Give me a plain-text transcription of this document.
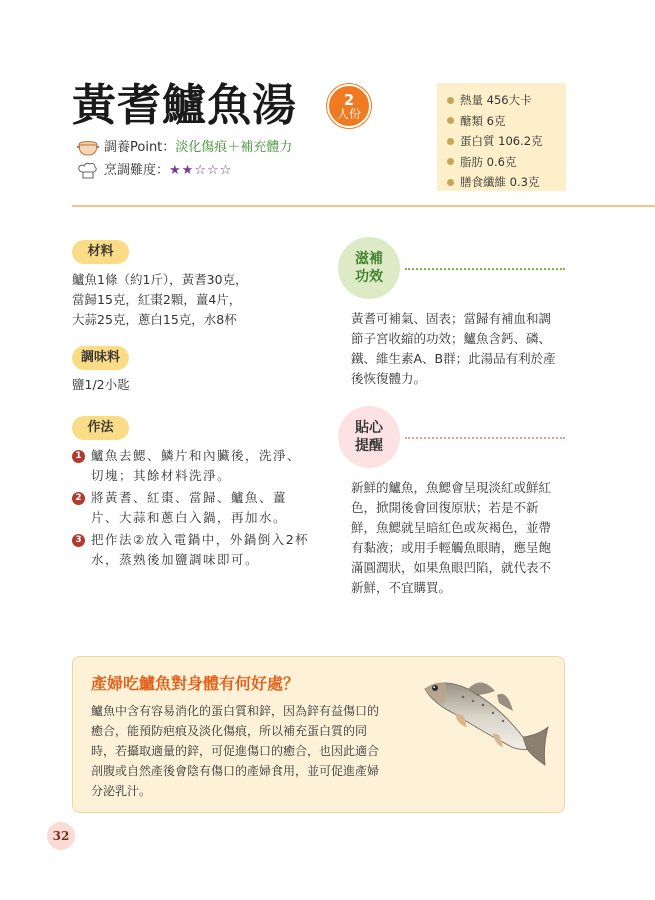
黃耆鱸魚湯	2
人份
調養Point： 淡化傷痕＋補充體力
烹調難度： ★★☆☆☆
熱量 456大卡
醣類 6克
蛋白質 106.2克
脂肪 0.6克
膳食纖維 0.3克
材料
鱸魚1條（約1斤），黃耆30克，
當歸15克，紅棗2顆，薑4片，
大蒜25克，蔥白15克，水8杯
調味料
鹽1/2小匙
作法
1 鱸魚去鰓、鱗片和內臟後，洗淨、
切塊；其餘材料洗淨。
2 將黃耆、紅棗、當歸、鱸魚、薑
片、大蒜和蔥白入鍋，再加水。
3 把作法②放入電鍋中，外鍋倒入2杯
水，蒸熟後加鹽調味即可。
滋補
功效
黃耆可補氣、固表；當歸有補血和調
節子宮收縮的功效；鱸魚含鈣、磷、
鐵、維生素A、B群；此湯品有利於產
後恢復體力。
貼心
提醒
新鮮的鱸魚，魚鰓會呈現淡紅或鮮紅
色，掀開後會回復原狀；若是不新
鮮，魚鰓就呈暗紅色或灰褐色，並帶
有黏液；或用手輕觸魚眼睛，應呈飽
滿圓潤狀，如果魚眼凹陷，就代表不
新鮮，不宜購買。
產婦吃鱸魚對身體有何好處？
鱸魚中含有容易消化的蛋白質和鋅，因為鋅有益傷口的
癒合，能預防疤痕及淡化傷痕，所以補充蛋白質的同
時，若攝取適量的鋅，可促進傷口的癒合，也因此適合
剖腹或自然產後會陰有傷口的產婦食用，並可促進產婦
分泌乳汁。
32
